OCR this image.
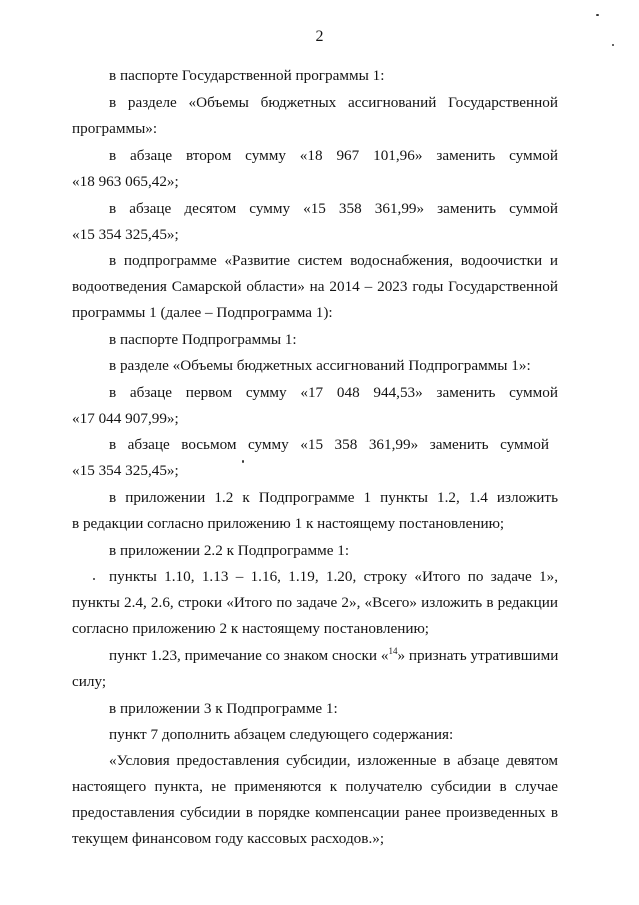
2

в паспорте Государственной программы 1:

в разделе «Объемы бюджетных ассигнований Государственной

программы»:

в абзаце втором сумму «18 967 101,96» заменить суммой

«18 963 065,42»;

в абзаце десятом сумму «15 358 361,99» заменить суммой

«15 354 325,45»;

в подпрограмме «Развитие систем водоснабжения, водоочистки и

водоотведения Самарской области» на 2014 – 2023 годы Государственной

программы 1 (далее – Подпрограмма 1):

в паспорте Подпрограммы 1:

в разделе «Объемы бюджетных ассигнований Подпрограммы 1»:

в абзаце первом сумму «17 048 944,53» заменить суммой

«17 044 907,99»;

в абзаце восьмом сумму «15 358 361,99» заменить суммой

«15 354 325,45»;

в приложении 1.2 к Подпрограмме 1 пункты 1.2, 1.4 изложить

в редакции согласно приложению 1 к настоящему постановлению;

в приложении 2.2 к Подпрограмме 1:

пункты 1.10, 1.13 – 1.16, 1.19, 1.20, строку «Итого по задаче 1»,

пункты 2.4, 2.6, строки «Итого по задаче 2», «Всего» изложить в редакции

согласно приложению 2 к настоящему постановлению;

пункт 1.23, примечание со знаком сноски «$^{14}$» признать утратившими

силу;

в приложении 3 к Подпрограмме 1:

пункт 7 дополнить абзацем следующего содержания:

«Условия предоставления субсидии, изложенные в абзаце девятом

настоящего пункта, не применяются к получателю субсидии в случае

предоставления субсидии в порядке компенсации ранее произведенных в

текущем финансовом году кассовых расходов.»;
